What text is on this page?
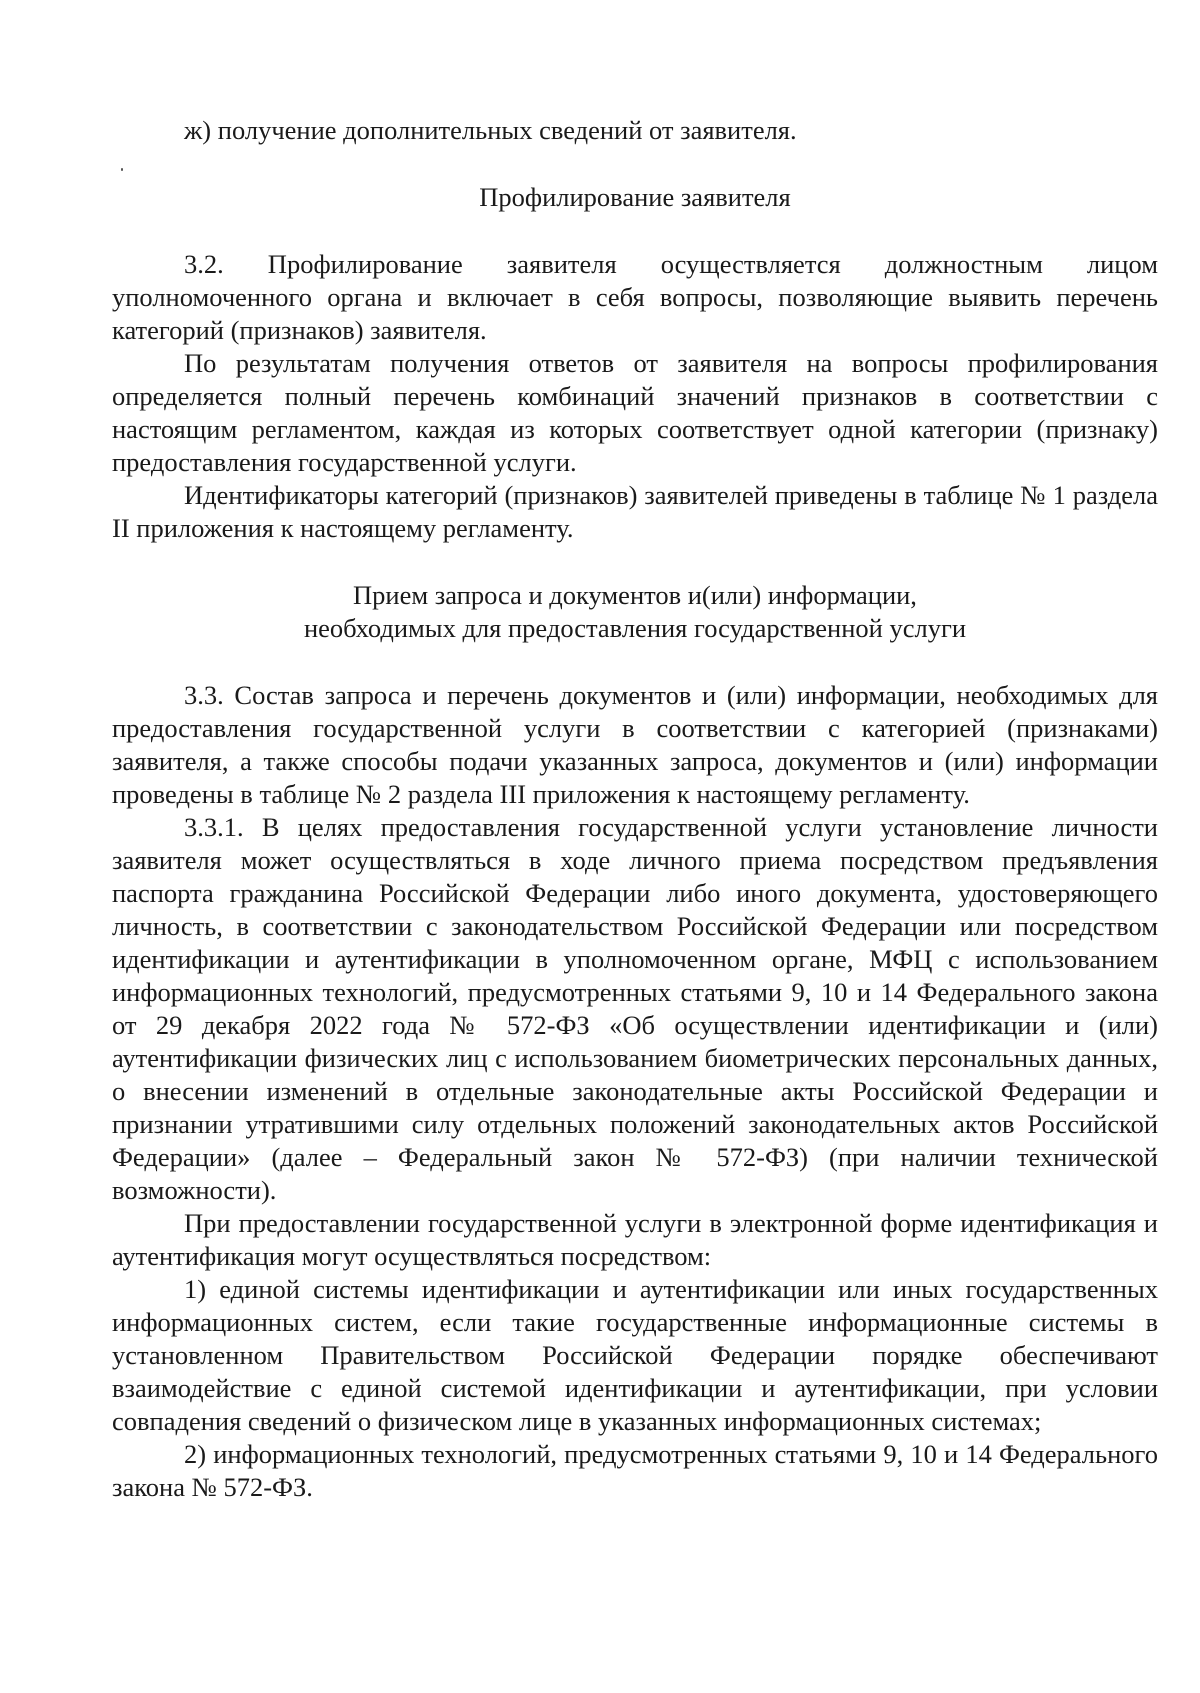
ж) получение дополнительных сведений от заявителя.

Профилирование заявителя

3.2. Профилирование заявителя осуществляется должностным лицом уполномоченного органа и включает в себя вопросы, позволяющие выявить перечень категорий (признаков) заявителя.

По результатам получения ответов от заявителя на вопросы профилирования определяется полный перечень комбинаций значений признаков в соответствии с настоящим регламентом, каждая из которых соответствует одной категории (признаку) предоставления государственной услуги.

Идентификаторы категорий (признаков) заявителей приведены в таблице № 1 раздела II приложения к настоящему регламенту.

Прием запроса и документов и(или) информации,
необходимых для предоставления государственной услуги

3.3. Состав запроса и перечень документов и (или) информации, необходимых для предоставления государственной услуги в соответствии с категорией (признаками) заявителя, а также способы подачи указанных запроса, документов и (или) информации проведены в таблице № 2 раздела III приложения к настоящему регламенту.

3.3.1. В целях предоставления государственной услуги установление личности заявителя может осуществляться в ходе личного приема посредством предъявления паспорта гражданина Российской Федерации либо иного документа, удостоверяющего личность, в соответствии с законодательством Российской Федерации или посредством идентификации и аутентификации в уполномоченном органе, МФЦ с использованием информационных технологий, предусмотренных статьями 9, 10 и 14 Федерального закона от 29 декабря 2022 года № 572-ФЗ «Об осуществлении идентификации и (или) аутентификации физических лиц с использованием биометрических персональных данных, о внесении изменений в отдельные законодательные акты Российской Федерации и признании утратившими силу отдельных положений законодательных актов Российской Федерации» (далее – Федеральный закон № 572-ФЗ) (при наличии технической возможности).

При предоставлении государственной услуги в электронной форме идентификация и аутентификация могут осуществляться посредством:

1) единой системы идентификации и аутентификации или иных государственных информационных систем, если такие государственные информационные системы в установленном Правительством Российской Федерации порядке обеспечивают взаимодействие с единой системой идентификации и аутентификации, при условии совпадения сведений о физическом лице в указанных информационных системах;

2) информационных технологий, предусмотренных статьями 9, 10 и 14 Федерального закона № 572-ФЗ.
